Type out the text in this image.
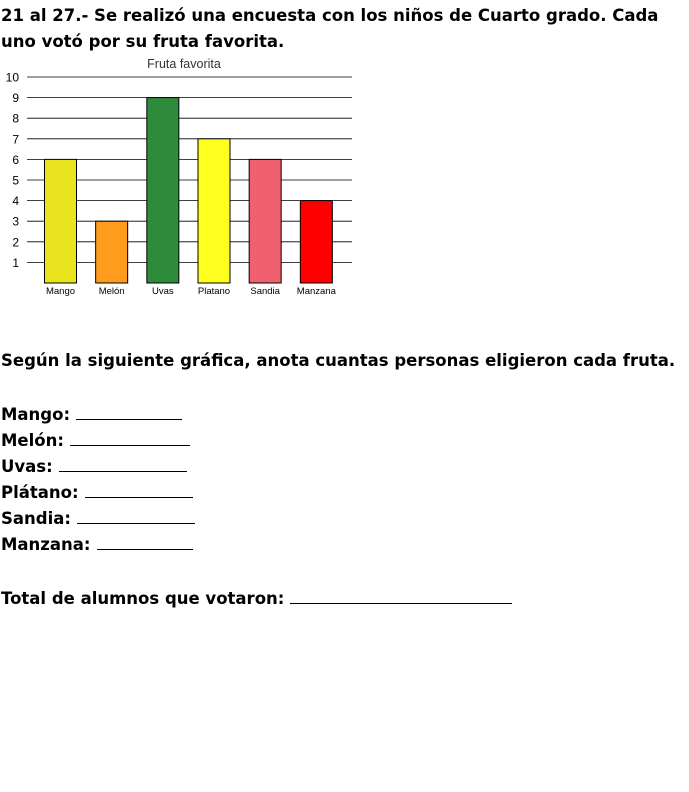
21 al 27.- Se realizó una encuesta con los niños de Cuarto grado. Cada
uno votó por su fruta favorita.

Fruta favorita
1
2
3
4
5
6
7
8
9
10
Mango Melón	Uvas	Platano Sandia Manzana

Según la siguiente gráfica, anota cuantas personas eligieron cada fruta.

Mango:
Melón:
Uvas:
Plátano:
Sandia:
Manzana:

Total de alumnos que votaron:
